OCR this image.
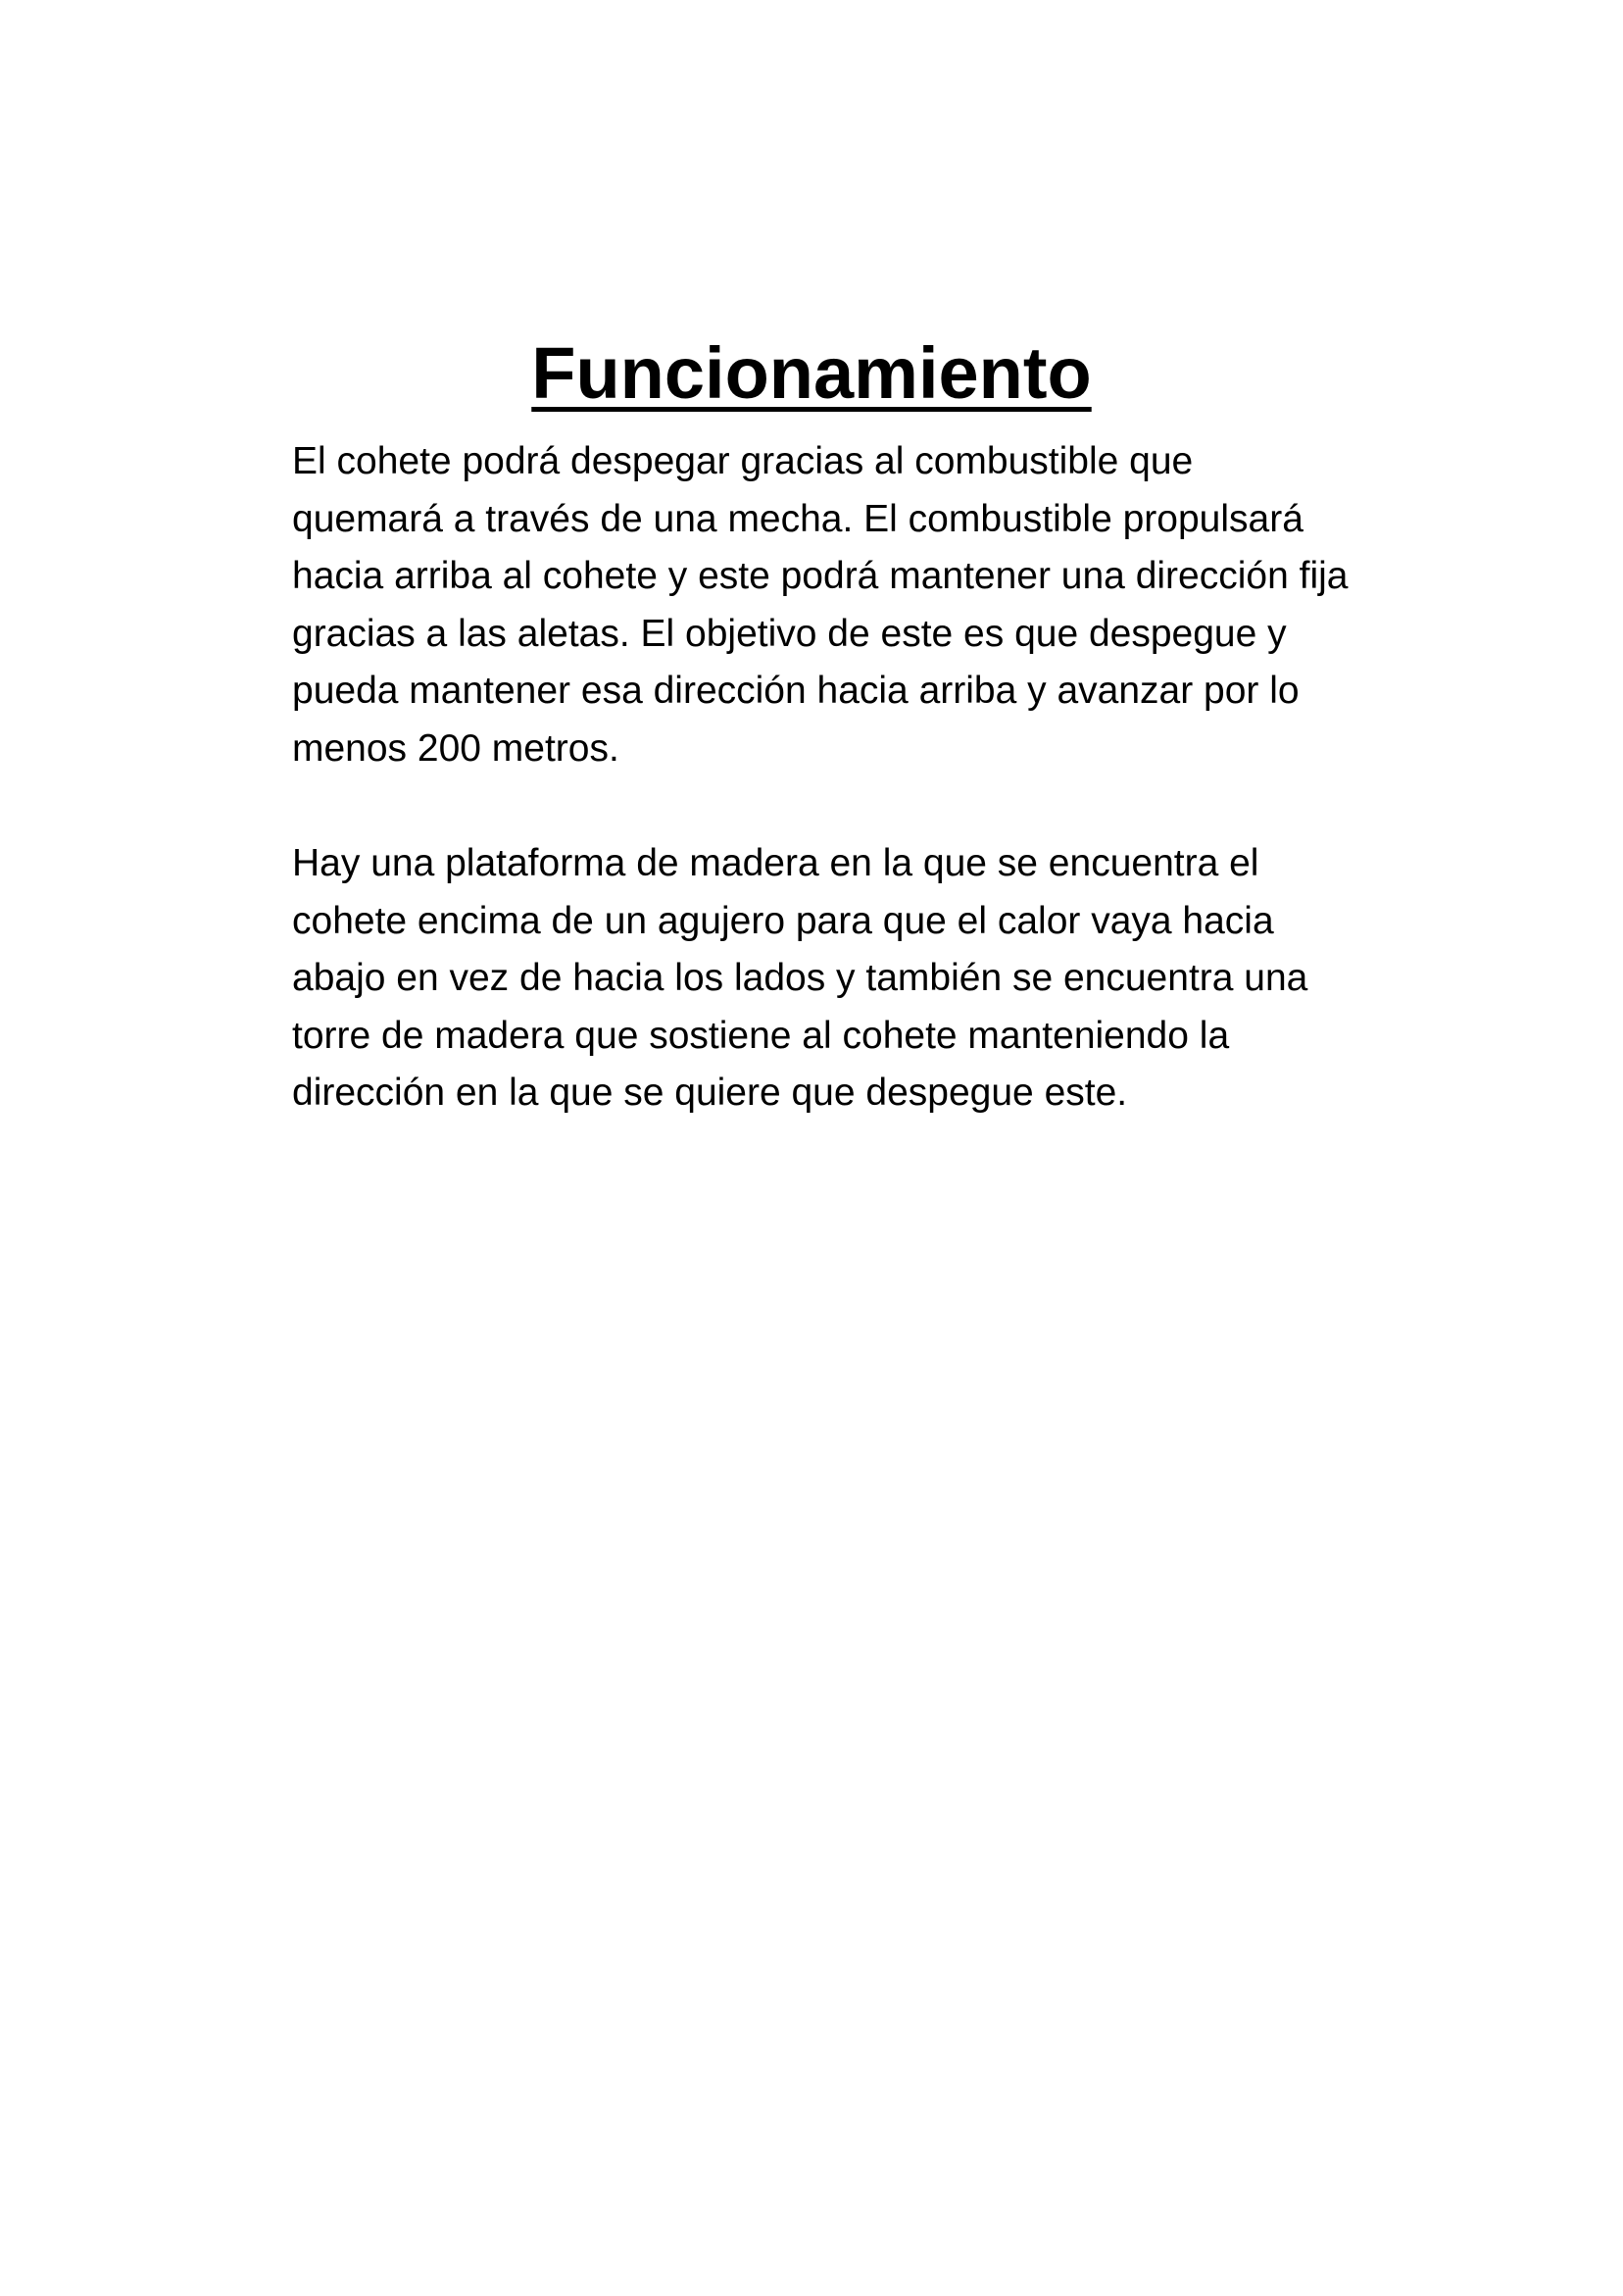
Funcionamiento

El cohete podrá despegar gracias al combustible que
quemará a través de una mecha. El combustible propulsará
hacia arriba al cohete y este podrá mantener una dirección fija
gracias a las aletas. El objetivo de este es que despegue y
pueda mantener esa dirección hacia arriba y avanzar por lo
menos 200 metros.

Hay una plataforma de madera en la que se encuentra el
cohete encima de un agujero para que el calor vaya hacia
abajo en vez de hacia los lados y también se encuentra una
torre de madera que sostiene al cohete manteniendo la
dirección en la que se quiere que despegue este.
